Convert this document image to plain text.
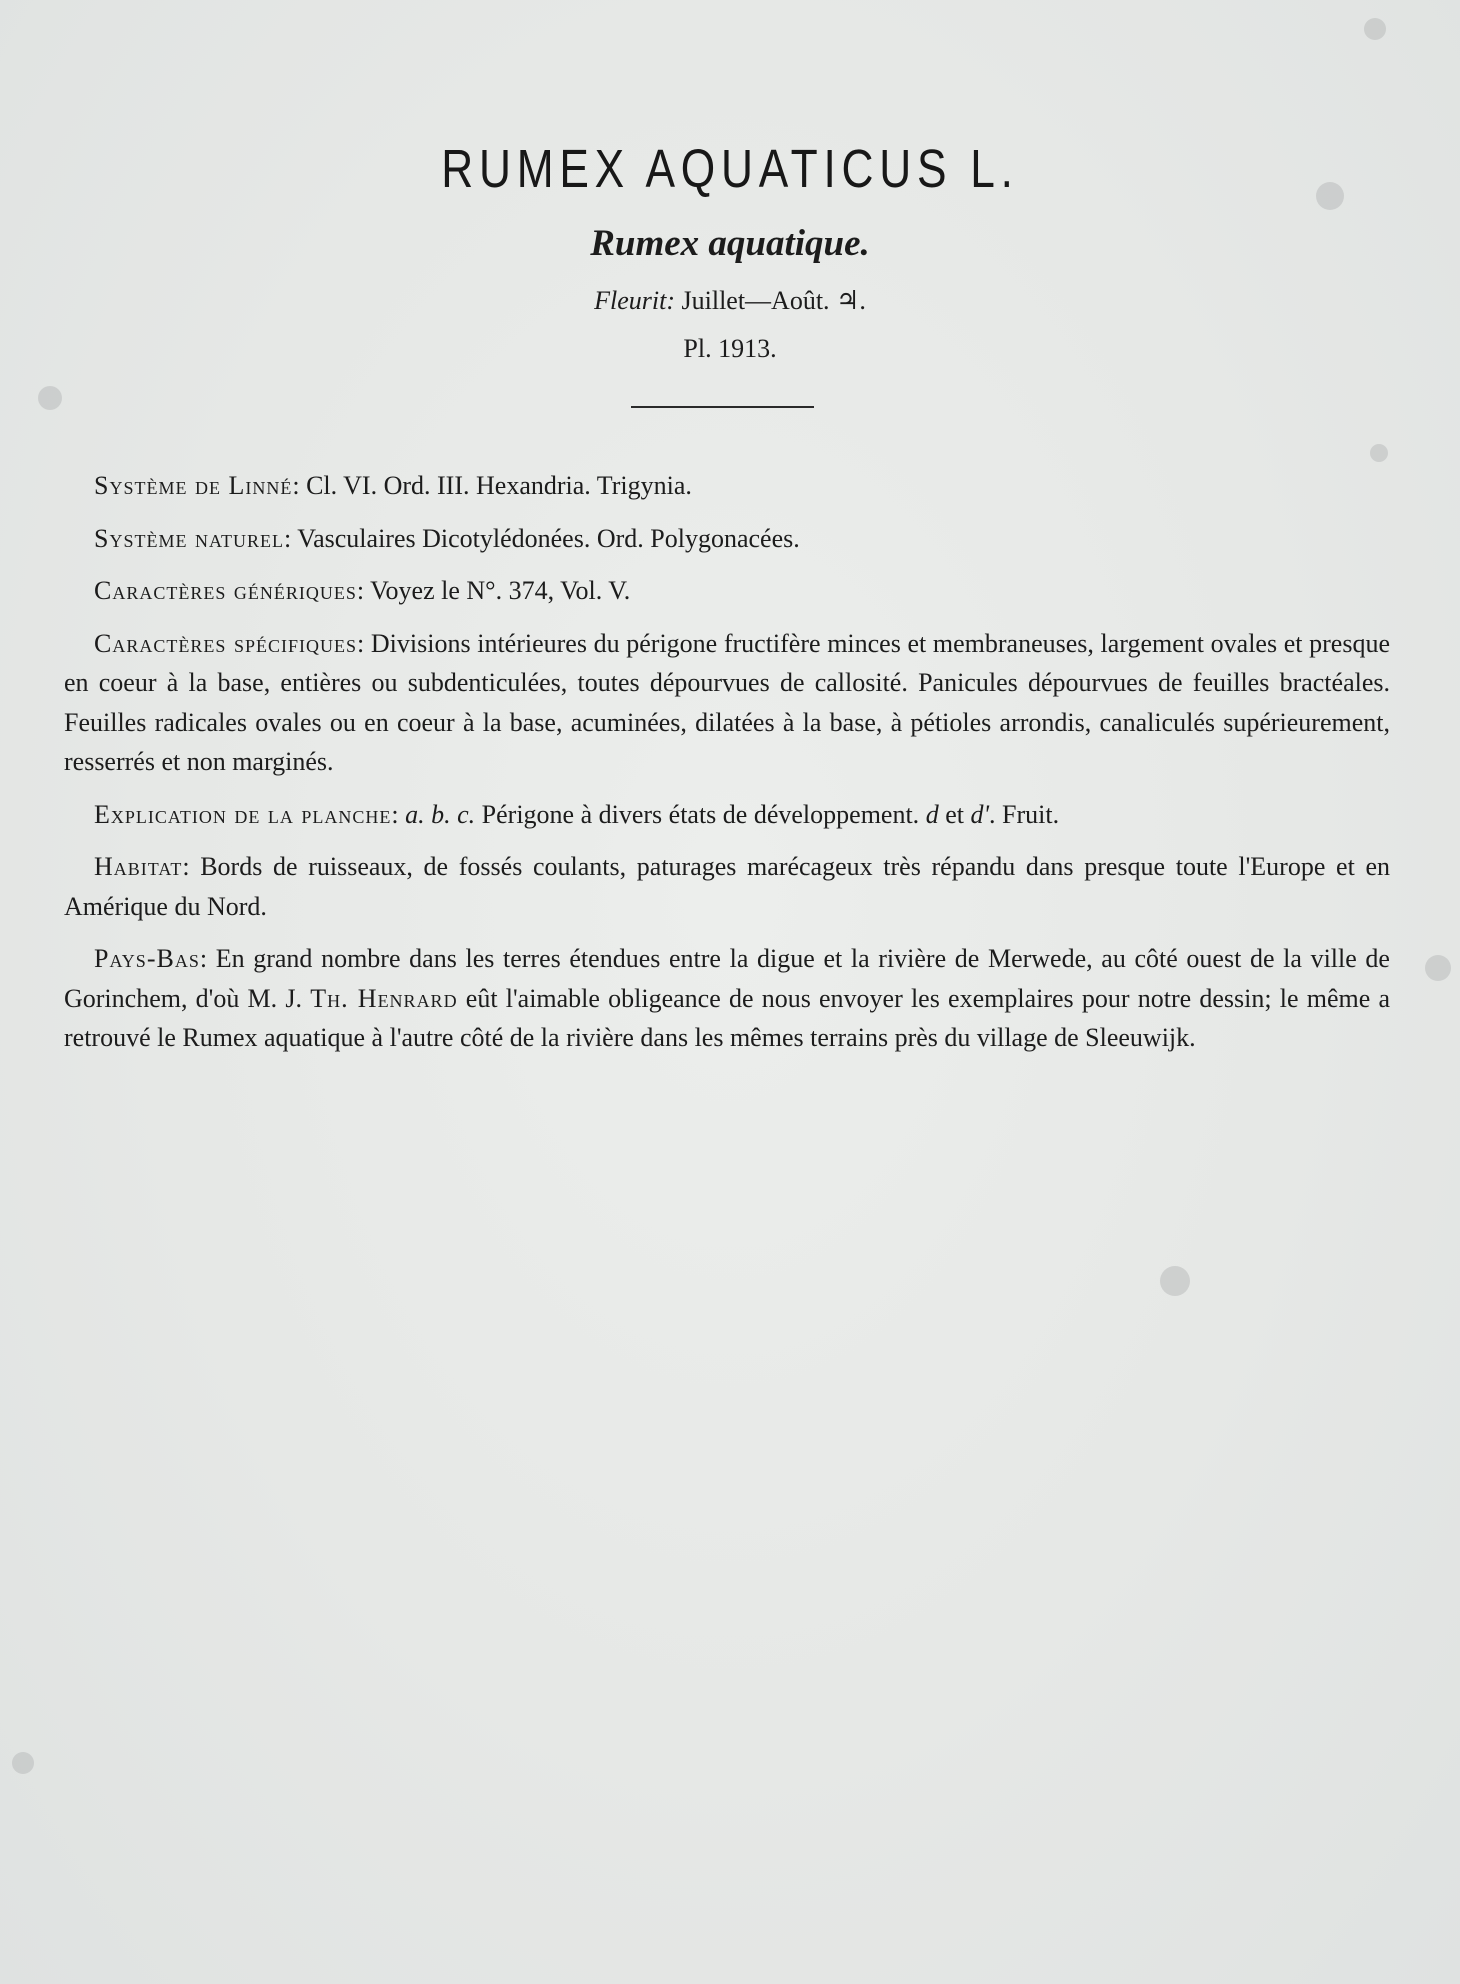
RUMEX AQUATICUS L.
Rumex aquatique.
Fleurit: Juillet—Août. ♃.
Pl. 1913.

Système de Linné: Cl. VI. Ord. III. Hexandria. Trigynia.

Système naturel: Vasculaires Dicotylédonées. Ord. Polygonacées.

Caractères génériques: Voyez le N°. 374, Vol. V.

Caractères spécifiques: Divisions intérieures du périgone fructifère minces et membraneuses, largement ovales et presque en coeur à la base, entières ou subdenticulées, toutes dépourvues de callosité. Panicules dépourvues de feuilles bractéales. Feuilles radicales ovales ou en coeur à la base, acuminées, dilatées à la base, à pétioles arrondis, canaliculés supérieurement, resserrés et non marginés.

Explication de la planche: a. b. c. Périgone à divers états de développement. d et d'. Fruit.

Habitat: Bords de ruisseaux, de fossés coulants, paturages marécageux très répandu dans presque toute l'Europe et en Amérique du Nord.

Pays-Bas: En grand nombre dans les terres étendues entre la digue et la rivière de Merwede, au côté ouest de la ville de Gorinchem, d'où M. J. Th. Henrard eût l'aimable obligeance de nous envoyer les exemplaires pour notre dessin; le même a retrouvé le Rumex aquatique à l'autre côté de la rivière dans les mêmes terrains près du village de Sleeuwijk.
